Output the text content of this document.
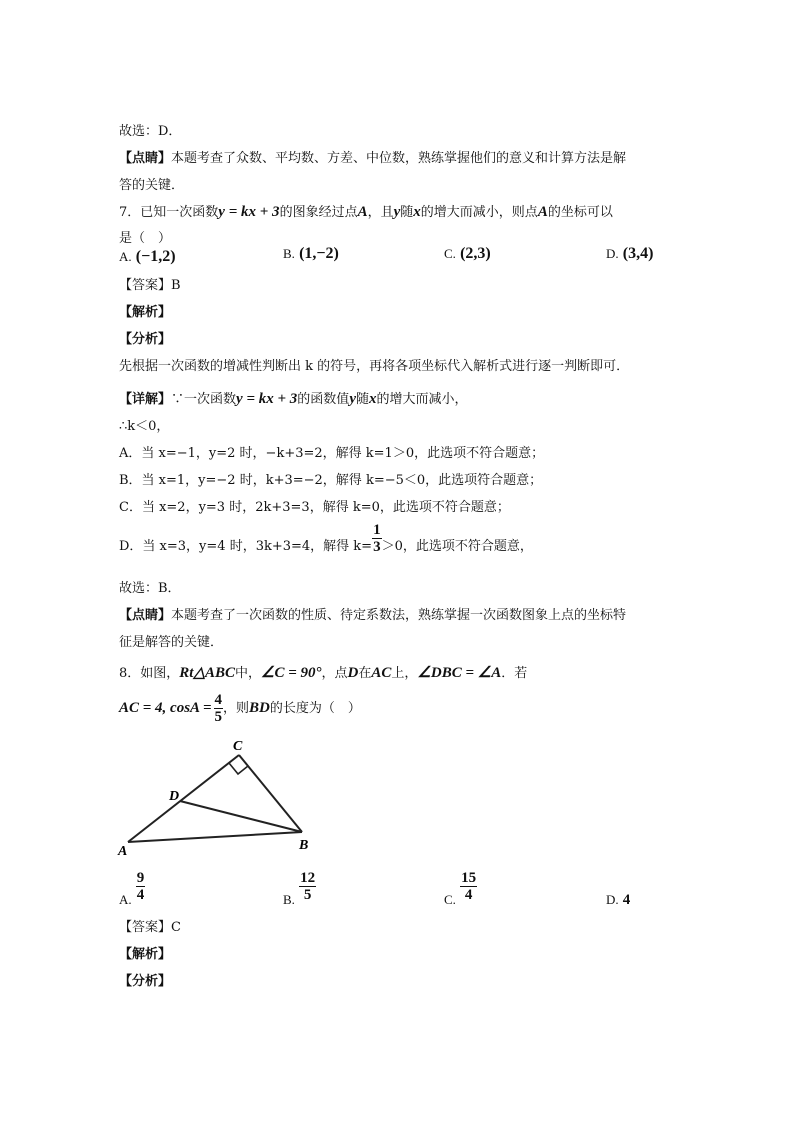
故选：D．
【点睛】本题考查了众数、平均数、方差、中位数，熟练掌握他们的意义和计算方法是解
答的关键．
7．已知一次函数y = kx + 3的图象经过点A，且y随x的增大而减小，则点A的坐标可以
是（　）
A. (−1,2)	B. (1,−2)	C. (2,3)	D. (3,4)
【答案】B
【解析】
【分析】
先根据一次函数的增减性判断出 k 的符号，再将各项坐标代入解析式进行逐一判断即可．
【详解】∵一次函数y = kx + 3的函数值y随x的增大而减小，
∴k＜0，
A．当 x=−1，y=2 时，−k+3=2，解得 k=1＞0，此选项不符合题意；
B．当 x=1，y=−2 时，k+3=−2，解得 k=−5＜0，此选项符合题意；
C．当 x=2，y=3 时，2k+3=3，解得 k=0，此选项不符合题意；
D．当 x=3，y=4 时，3k+3=4，解得 $k= \frac{1}{3} >0$，此选项不符合题意，
故选：B．
【点睛】本题考查了一次函数的性质、待定系数法，熟练掌握一次函数图象上点的坐标特
征是解答的关键．
8．如图，Rt△ABC中，∠C = 90°，点D在AC上，∠DBC = ∠A．若
AC = 4, $\cos A = \frac{4}{5}$ ，则BD的长度为（　）
C
D
A	B
A. $\frac{9}{4}$	B. $\frac{12}{5}$	C. $\frac{15}{4}$	D. 4
【答案】C
【解析】
【分析】
